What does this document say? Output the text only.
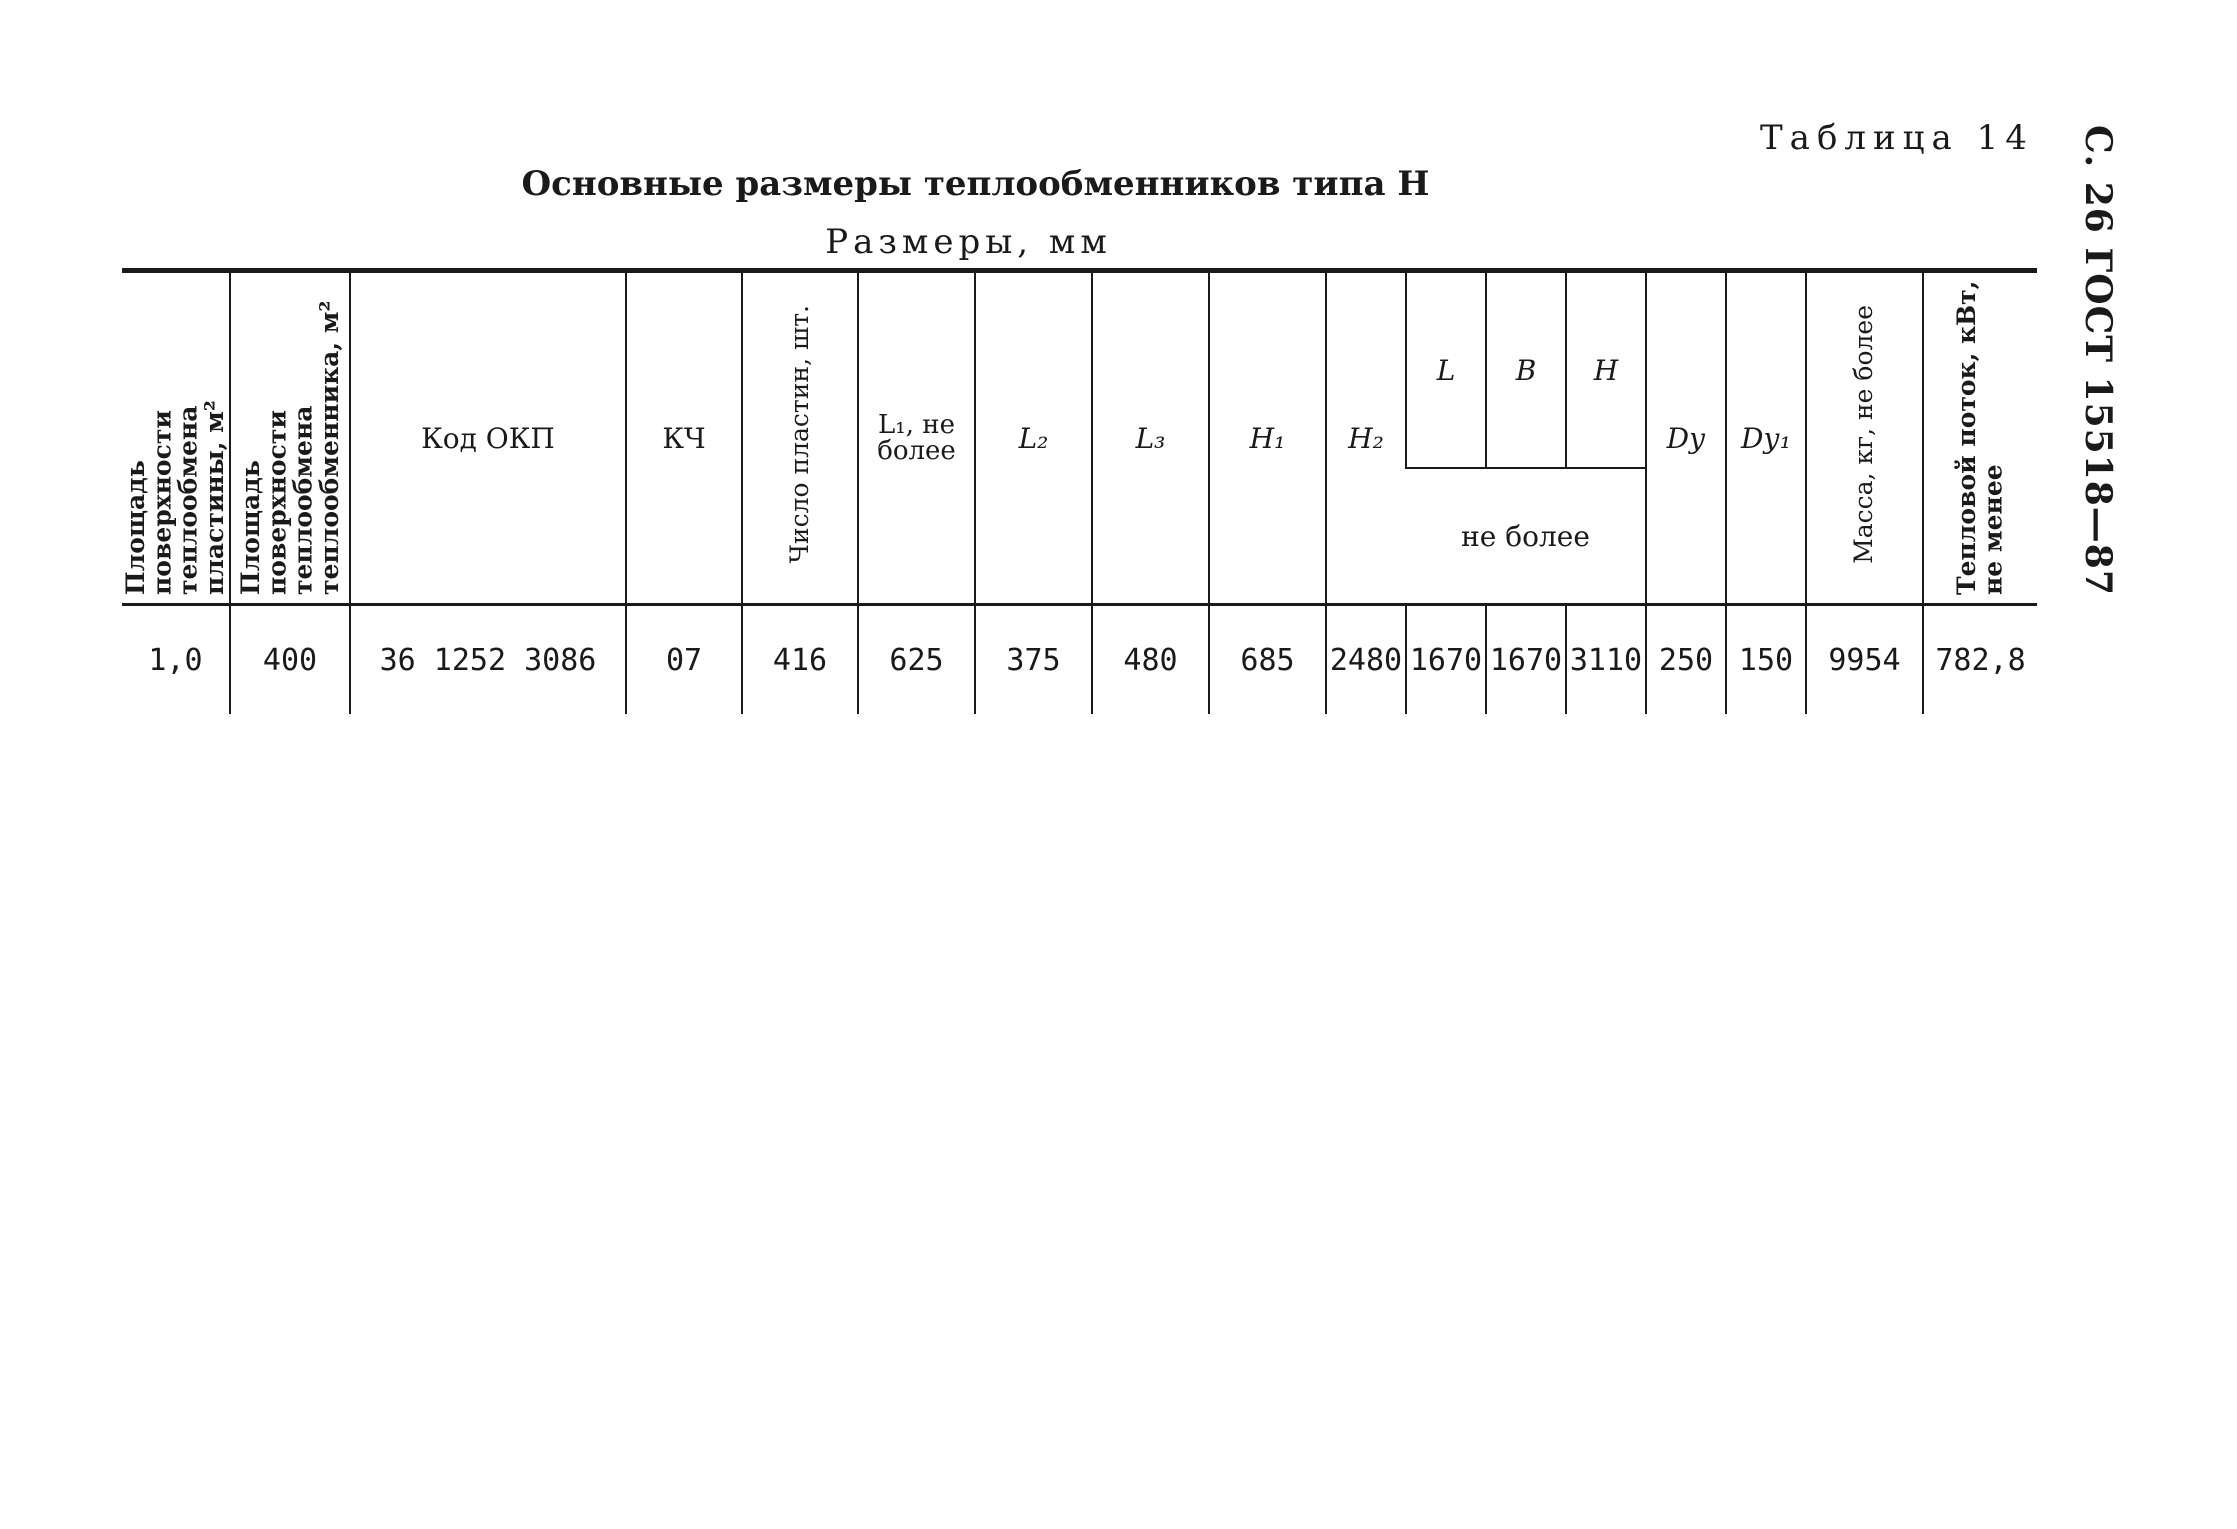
С. 26 ГОСТ 15518—87
Таблица 14
Основные размеры теплообменников типа Н
Размеры, мм
Площадь поверхности теплообмена пластины, м²	Площадь поверхности теплообмена теплообменника, м²	Код ОКП	КЧ	Число пластин, шт.	L₁, не более	L₂	L₃	H₁	H₂	L	B	H	Dу	Dу₁	Масса, кг, не более	Тепловой поток, кВт, не менее
										не более						
1,0	400	36 1252 3086	07	416	625	375	480	685	2480	1670	1670	3110	250	150	9954	782,8
